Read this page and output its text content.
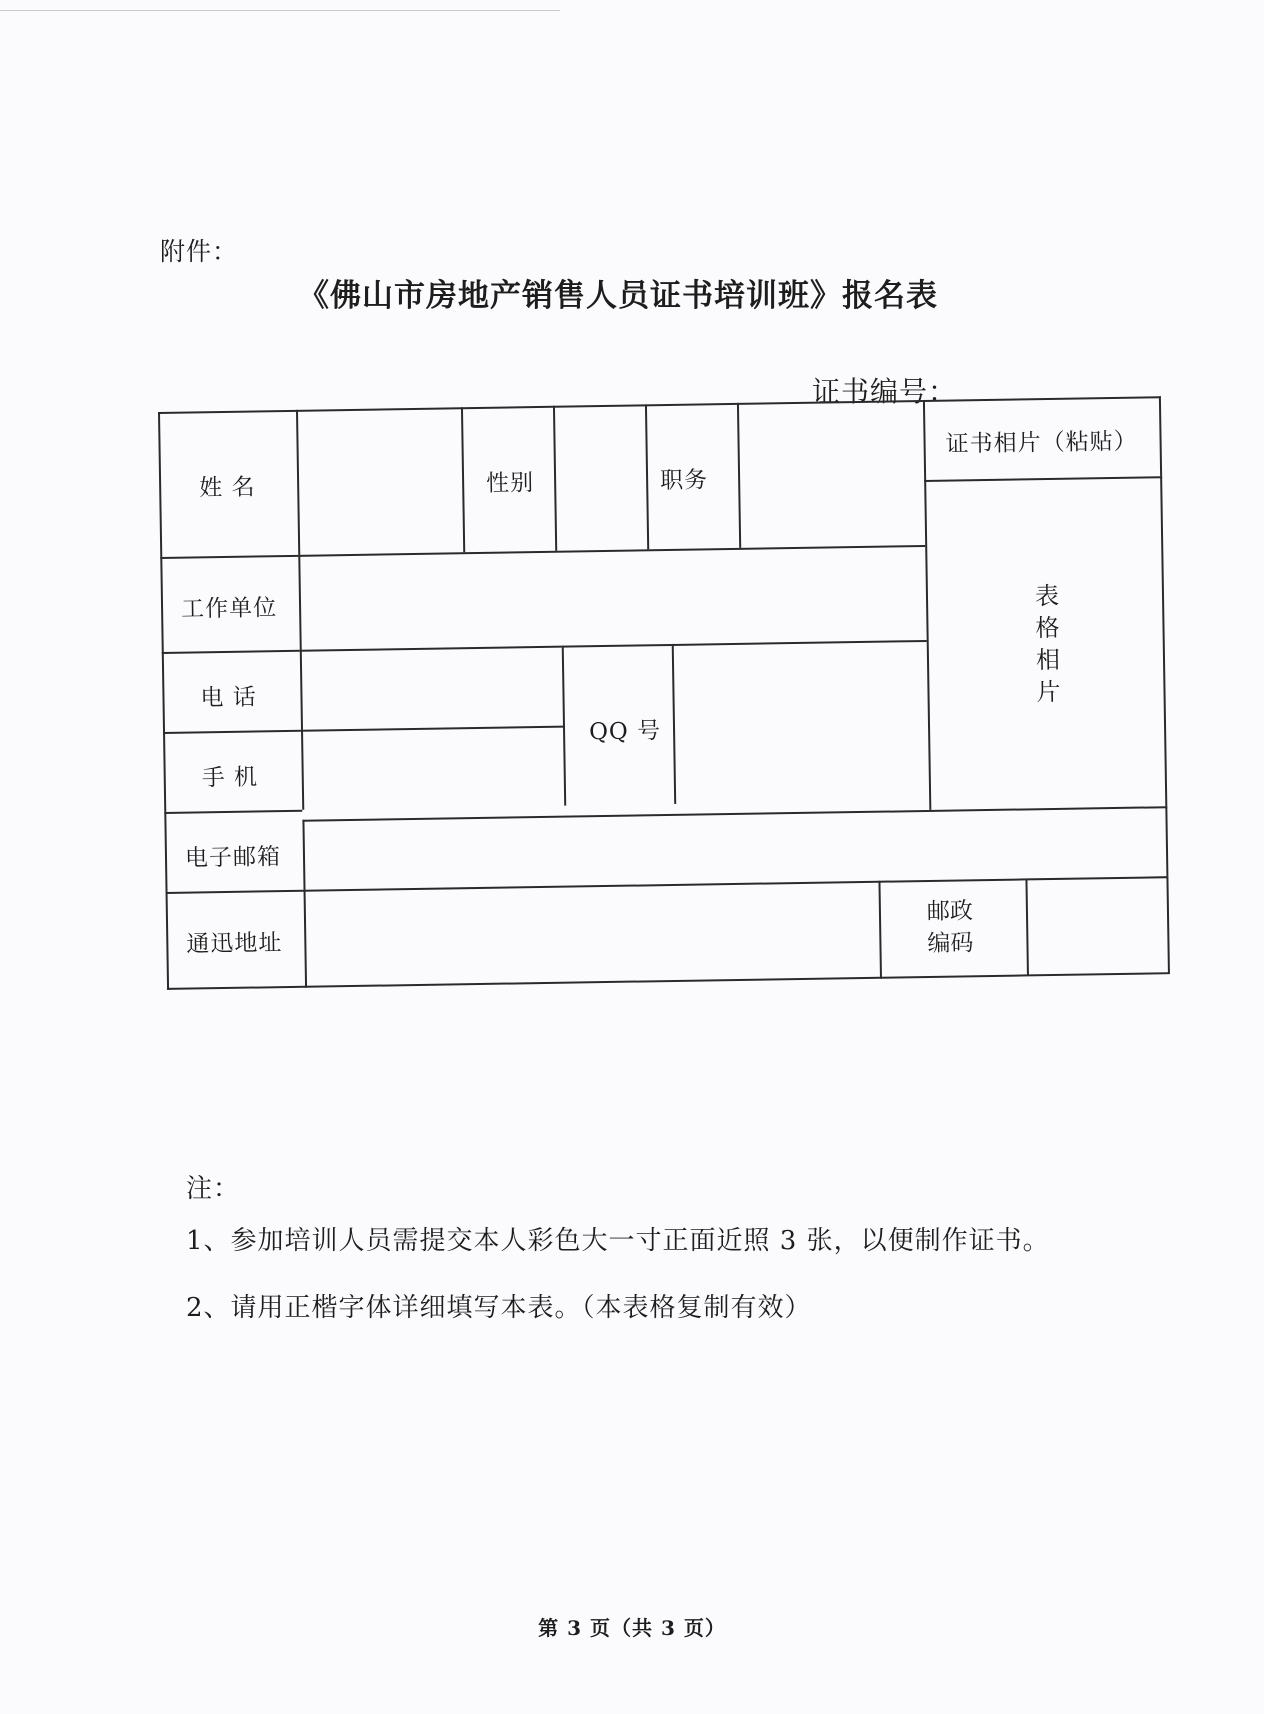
附件：
《佛山市房地产销售人员证书培训班》报名表
证书编号：
姓 名	性别	职务
证书相片（粘贴）
表格相片
工作单位
电 话
手 机
QQ 号
电子邮箱
通迅地址
邮政编码
注：
1、参加培训人员需提交本人彩色大一寸正面近照 3 张，以便制作证书。
2、请用正楷字体详细填写本表。（本表格复制有效）
第 3 页（共 3 页）
